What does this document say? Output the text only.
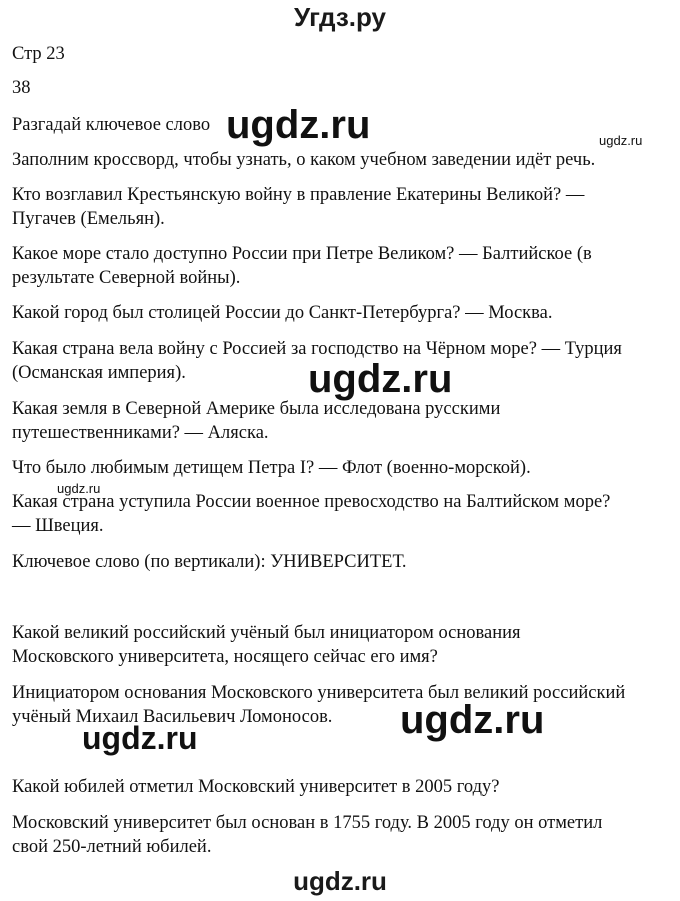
Угдз.ру
Стр 23
38
Разгадай ключевое слово ugdz.ru	ugdz.ru
Заполним кроссворд, чтобы узнать, о каком учебном заведении идёт речь.
Кто возглавил Крестьянскую войну в правление Екатерины Великой? —
Пугачев (Емельян).
Какое море стало доступно России при Петре Великом? — Балтийское (в
результате Северной войны).
Какой город был столицей России до Санкт-Петербурга? — Москва.
Какая страна вела войну с Россией за господство на Чёрном море? — Турция
(Османская империя).	ugdz.ru
Какая земля в Северной Америке была исследована русскими
путешественниками? — Аляска.
Что было любимым детищем Петра I? — Флот (военно-морской).
ugdz.ru
Какая страна уступила России военное превосходство на Балтийском море?
— Швеция.
Ключевое слово (по вертикали): УНИВЕРСИТЕТ.
Какой великий российский учёный был инициатором основания
Московского университета, носящего сейчас его имя?
Инициатором основания Московского университета был великий российский
учёный Михаил Васильевич Ломоносов.	ugdz.ru
ugdz.ru
Какой юбилей отметил Московский университет в 2005 году?
Московский университет был основан в 1755 году. В 2005 году он отметил
свой 250-летний юбилей.
ugdz.ru
